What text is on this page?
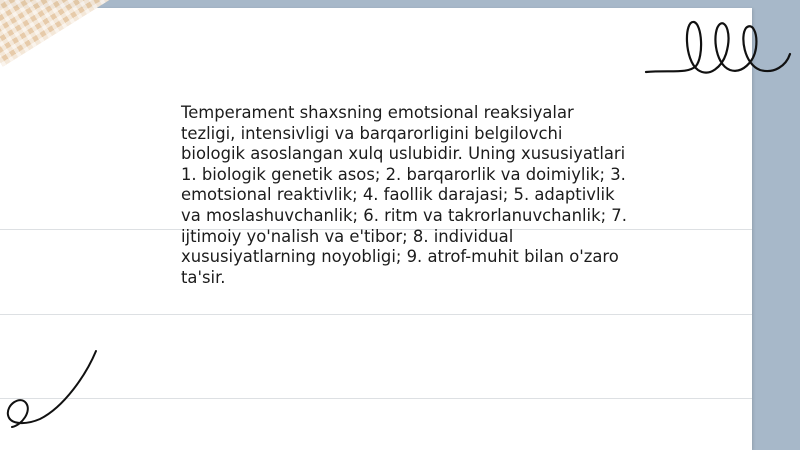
Temperament shaxsning emotsional reaksiyalar tezligi, intensivligi va barqarorligini belgilovchi biologik asoslangan xulq uslubidir. Uning xususiyatlari 1. biologik genetik asos; 2. barqarorlik va doimiylik; 3. emotsional reaktivlik; 4. faollik darajasi; 5. adaptivlik va moslashuvchanlik; 6. ritm va takrorlanuvchanlik; 7. ijtimoiy yo'nalish va e'tibor; 8. individual xususiyatlarning noyobligi; 9. atrof-muhit bilan o'zaro ta'sir.
